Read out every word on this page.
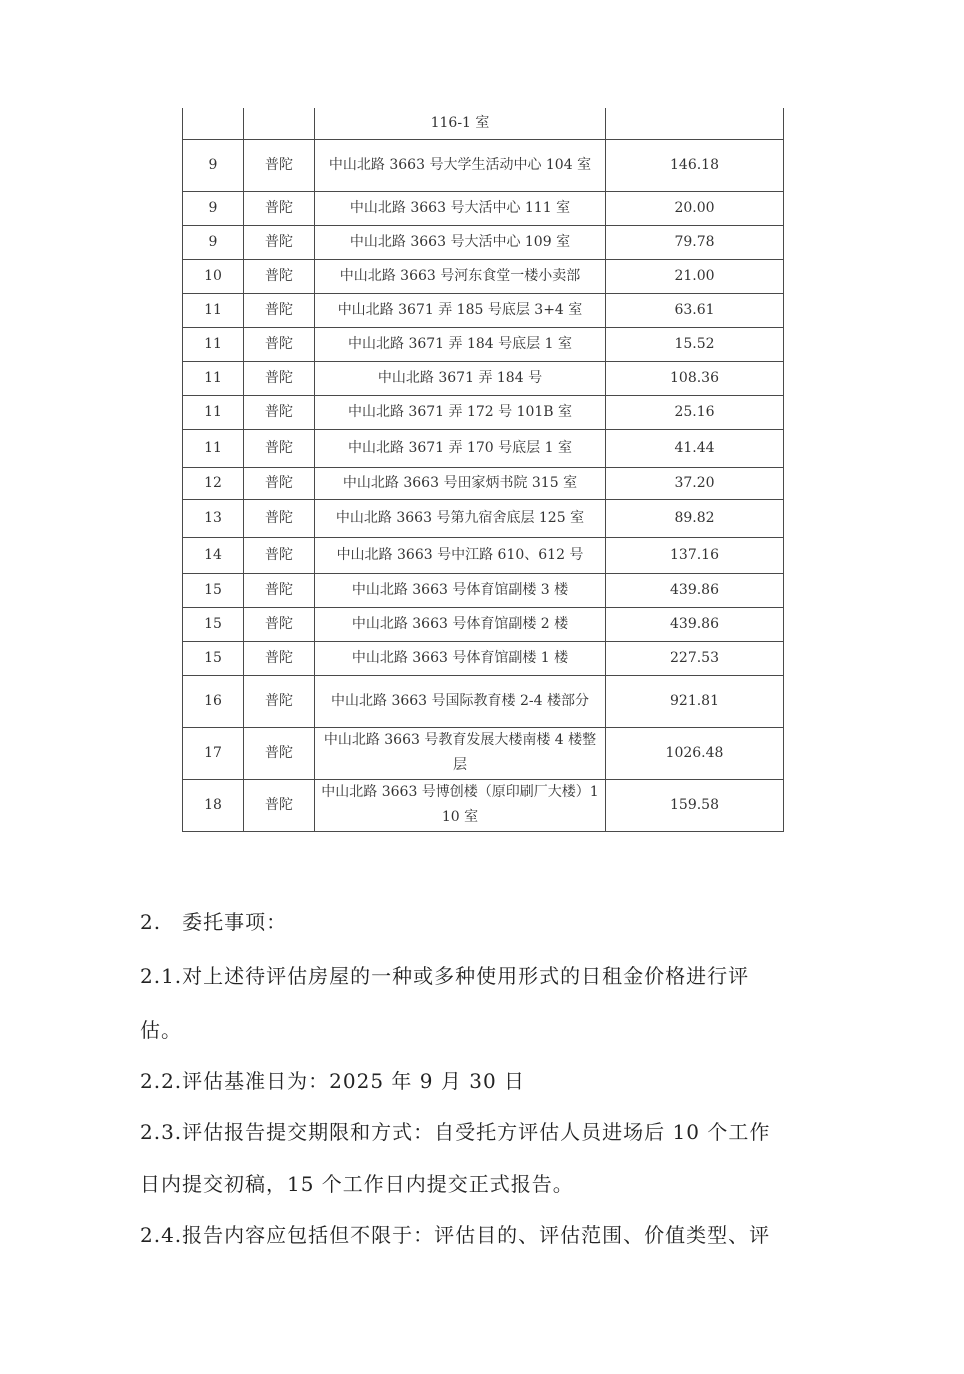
		116-1 室	
9	普陀	中山北路 3663 号大学生活动中心 104 室	146.18
9	普陀	中山北路 3663 号大活中心 111 室	20.00
9	普陀	中山北路 3663 号大活中心 109 室	79.78
10	普陀	中山北路 3663 号河东食堂一楼小卖部	21.00
11	普陀	中山北路 3671 弄 185 号底层 3+4 室	63.61
11	普陀	中山北路 3671 弄 184 号底层 1 室	15.52
11	普陀	中山北路 3671 弄 184 号	108.36
11	普陀	中山北路 3671 弄 172 号 101B 室	25.16
11	普陀	中山北路 3671 弄 170 号底层 1 室	41.44
12	普陀	中山北路 3663 号田家炳书院 315 室	37.20
13	普陀	中山北路 3663 号第九宿舍底层 125 室	89.82
14	普陀	中山北路 3663 号中江路 610、612 号	137.16
15	普陀	中山北路 3663 号体育馆副楼 3 楼	439.86
15	普陀	中山北路 3663 号体育馆副楼 2 楼	439.86
15	普陀	中山北路 3663 号体育馆副楼 1 楼	227.53
16	普陀	中山北路 3663 号国际教育楼 2-4 楼部分	921.81
17	普陀	中山北路 3663 号教育发展大楼南楼 4 楼整层	1026.48
18	普陀	中山北路 3663 号博创楼（原印刷厂大楼）110 室	159.58
2.　委托事项：
2.1.对上述待评估房屋的一种或多种使用形式的日租金价格进行评
估。
2.2.评估基准日为：2025 年 9 月 30 日
2.3.评估报告提交期限和方式：自受托方评估人员进场后 10 个工作
日内提交初稿，15 个工作日内提交正式报告。
2.4.报告内容应包括但不限于：评估目的、评估范围、价值类型、评
